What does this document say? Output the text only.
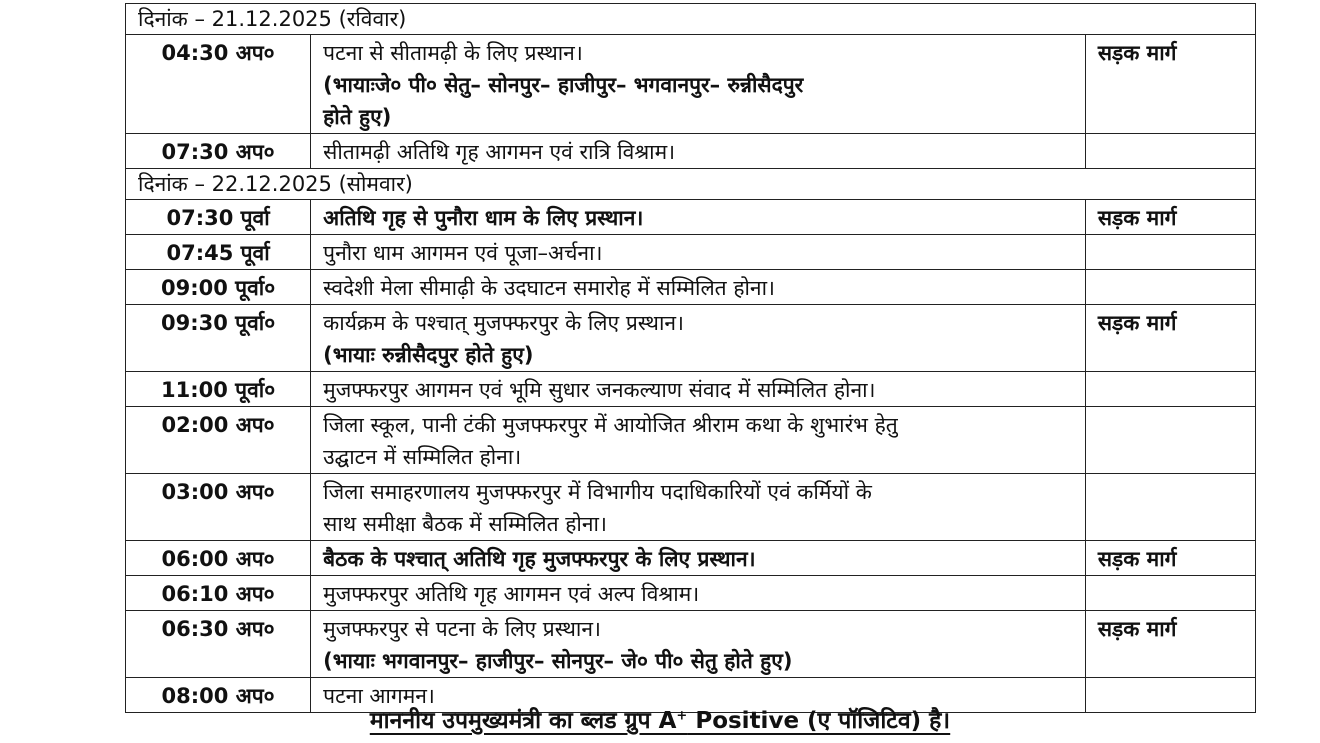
दिनांक – 21.12.2025 (रविवार)		
04:30 अप०	पटना से सीतामढ़ी के लिए प्रस्थान।
(भायाःजे० पी० सेतु– सोनपुर– हाजीपुर– भगवानपुर– रुन्नीसैदपुर
होते हुए)	सड़क मार्ग
07:30 अप०	सीतामढ़ी अतिथि गृह आगमन एवं रात्रि विश्राम।	

दिनांक – 22.12.2025 (सोमवार)		
07:30 पूर्वा	अतिथि गृह से पुनौरा धाम के लिए प्रस्थान।	सड़क मार्ग
07:45 पूर्वा	पुनौरा धाम आगमन एवं पूजा–अर्चना।	

09:00 पूर्वा०	स्वदेशी मेला सीमाढ़ी के उदघाटन समारोह में सम्मिलित होना।	

09:30 पूर्वा०	कार्यक्रम के पश्चात् मुजफ्फरपुर के लिए प्रस्थान।
(भायाः रुन्नीसैदपुर होते हुए)	सड़क मार्ग
11:00 पूर्वा०	मुजफ्फरपुर आगमन एवं भूमि सुधार जनकल्याण संवाद में सम्मिलित होना।	

02:00 अप०	जिला स्कूल, पानी टंकी मुजफ्फरपुर में आयोजित श्रीराम कथा के शुभारंभ हेतु
उद्घाटन में सम्मिलित होना।	

03:00 अप०	जिला समाहरणालय मुजफ्फरपुर में विभागीय पदाधिकारियों एवं कर्मियों के
साथ समीक्षा बैठक में सम्मिलित होना।	

06:00 अप०	बैठक के पश्चात् अतिथि गृह मुजफ्फरपुर के लिए प्रस्थान।	सड़क मार्ग
06:10 अप०	मुजफ्फरपुर अतिथि गृह आगमन एवं अल्प विश्राम।	

06:30 अप०	मुजफ्फरपुर से पटना के लिए प्रस्थान।
(भायाः भगवानपुर– हाजीपुर– सोनपुर– जे० पी० सेतु होते हुए)	सड़क मार्ग
08:00 अप०	पटना आगमन।	

माननीय उपमुख्यमंत्री का ब्लड ग्रुप A+ Positive (ए पॉजिटिव) है।
